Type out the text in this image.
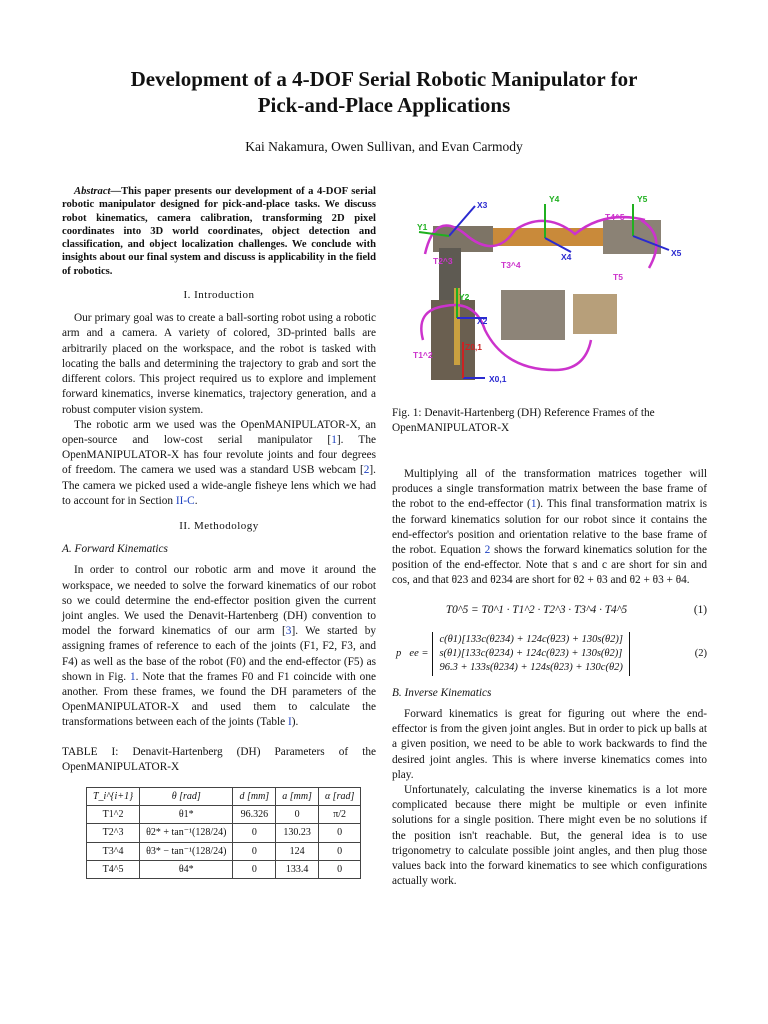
Development of a 4-DOF Serial Robotic Manipulator for
Pick-and-Place Applications
Kai Nakamura, Owen Sullivan, and Evan Carmody

Abstract—This paper presents our development of a 4-DOF serial robotic manipulator designed for pick-and-place tasks. We discuss robot kinematics, camera calibration, transforming 2D pixel coordinates into 3D world coordinates, object detection and classification, and object localization challenges. We conclude with insights about our final system and discuss is applicability in the field of robotics.

I. Introduction

Our primary goal was to create a ball-sorting robot using a robotic arm and a camera. A variety of colored, 3D-printed balls are arbitrarily placed on the workspace, and the robot is tasked with locating the balls and determining the trajectory to grab and sort the different colors. This project required us to explore and implement forward kinematics, inverse kinematics, trajectory generation, and a robust computer vision system.

The robotic arm we used was the OpenMANIPULATOR-X, an open-source and low-cost serial manipulator [1]. The OpenMANIPULATOR-X has four revolute joints and four degrees of freedom. The camera we used was a standard USB webcam [2]. The camera we picked used a wide-angle fisheye lens which we had to account for in Section II-C.

II. Methodology
A. Forward Kinematics

In order to control our robotic arm and move it around the workspace, we needed to solve the forward kinematics of our robot so we could determine the end-effector position given the current joint angles. We used the Denavit-Hartenberg (DH) convention to model the forward kinematics of our arm [3]. We started by assigning frames of reference to each of the joints (F1, F2, F3, and F4) as well as the base of the robot (F0) and the end-effector (F5) as shown in Fig. 1. Note that the frames F0 and F1 coincide with one another. From these frames, we found the DH parameters of the OpenMANIPULATOR-X and used them to calculate the transformations between each of the joints (Table I).

TABLE I: Denavit-Hartenberg (DH) Parameters of the OpenMANIPULATOR-X

T_i^{i+1}	θ [rad]	d [mm]	a [mm]	α [rad]
T1^2	θ1*	96.326	0	π/2
T2^3	θ2* + tan⁻¹(128/24)	0	130.23	0
T3^4	θ3* − tan⁻¹(128/24)	0	124	0
T4^5	θ4*	0	133.4	0
X3
Y1
Y4	Y5
T4^5
T2^3	T3^4
X4	X5
T5
Y2
X2
T1^2
Z0,1
X0,1
Fig. 1: Denavit-Hartenberg (DH) Reference Frames of the OpenMANIPULATOR-X

Multiplying all of the transformation matrices together will produces a single transformation matrix between the base frame of the robot to the end-effector (1). This final transformation matrix is the forward kinematics solution for our robot since it contains the end-effector's position and orientation relative to the base frame of the robot. Equation 2 shows the forward kinematics solution for the position of the end-effector. Note that s and c are short for sin and cos, and that θ23 and θ234 are short for θ2 + θ3 and θ2 + θ3 + θ4.

T0^5 = T0^1 · T1^2 · T2^3 · T3^4 · T4^5	(1)
p⃗ee =
c(θ1)[133c(θ234) + 124c(θ23) + 130s(θ2)]
s(θ1)[133c(θ234) + 124c(θ23) + 130s(θ2)]
96.3 + 133s(θ234) + 124s(θ23) + 130c(θ2)
(2)
B. Inverse Kinematics

Forward kinematics is great for figuring out where the end-effector is from the given joint angles. But in order to pick up balls at a given position, we need to be able to work backwards to find the desired joint angles. This is where inverse kinematics comes into play.

Unfortunately, calculating the inverse kinematics is a lot more complicated because there might be multiple or even infinite solutions for a single position. There might even be no solutions if the position isn't reachable. But, the general idea is to use trigonometry to calculate possible joint angles, and then plug those values back into the forward kinematics to see which configurations actually work.
